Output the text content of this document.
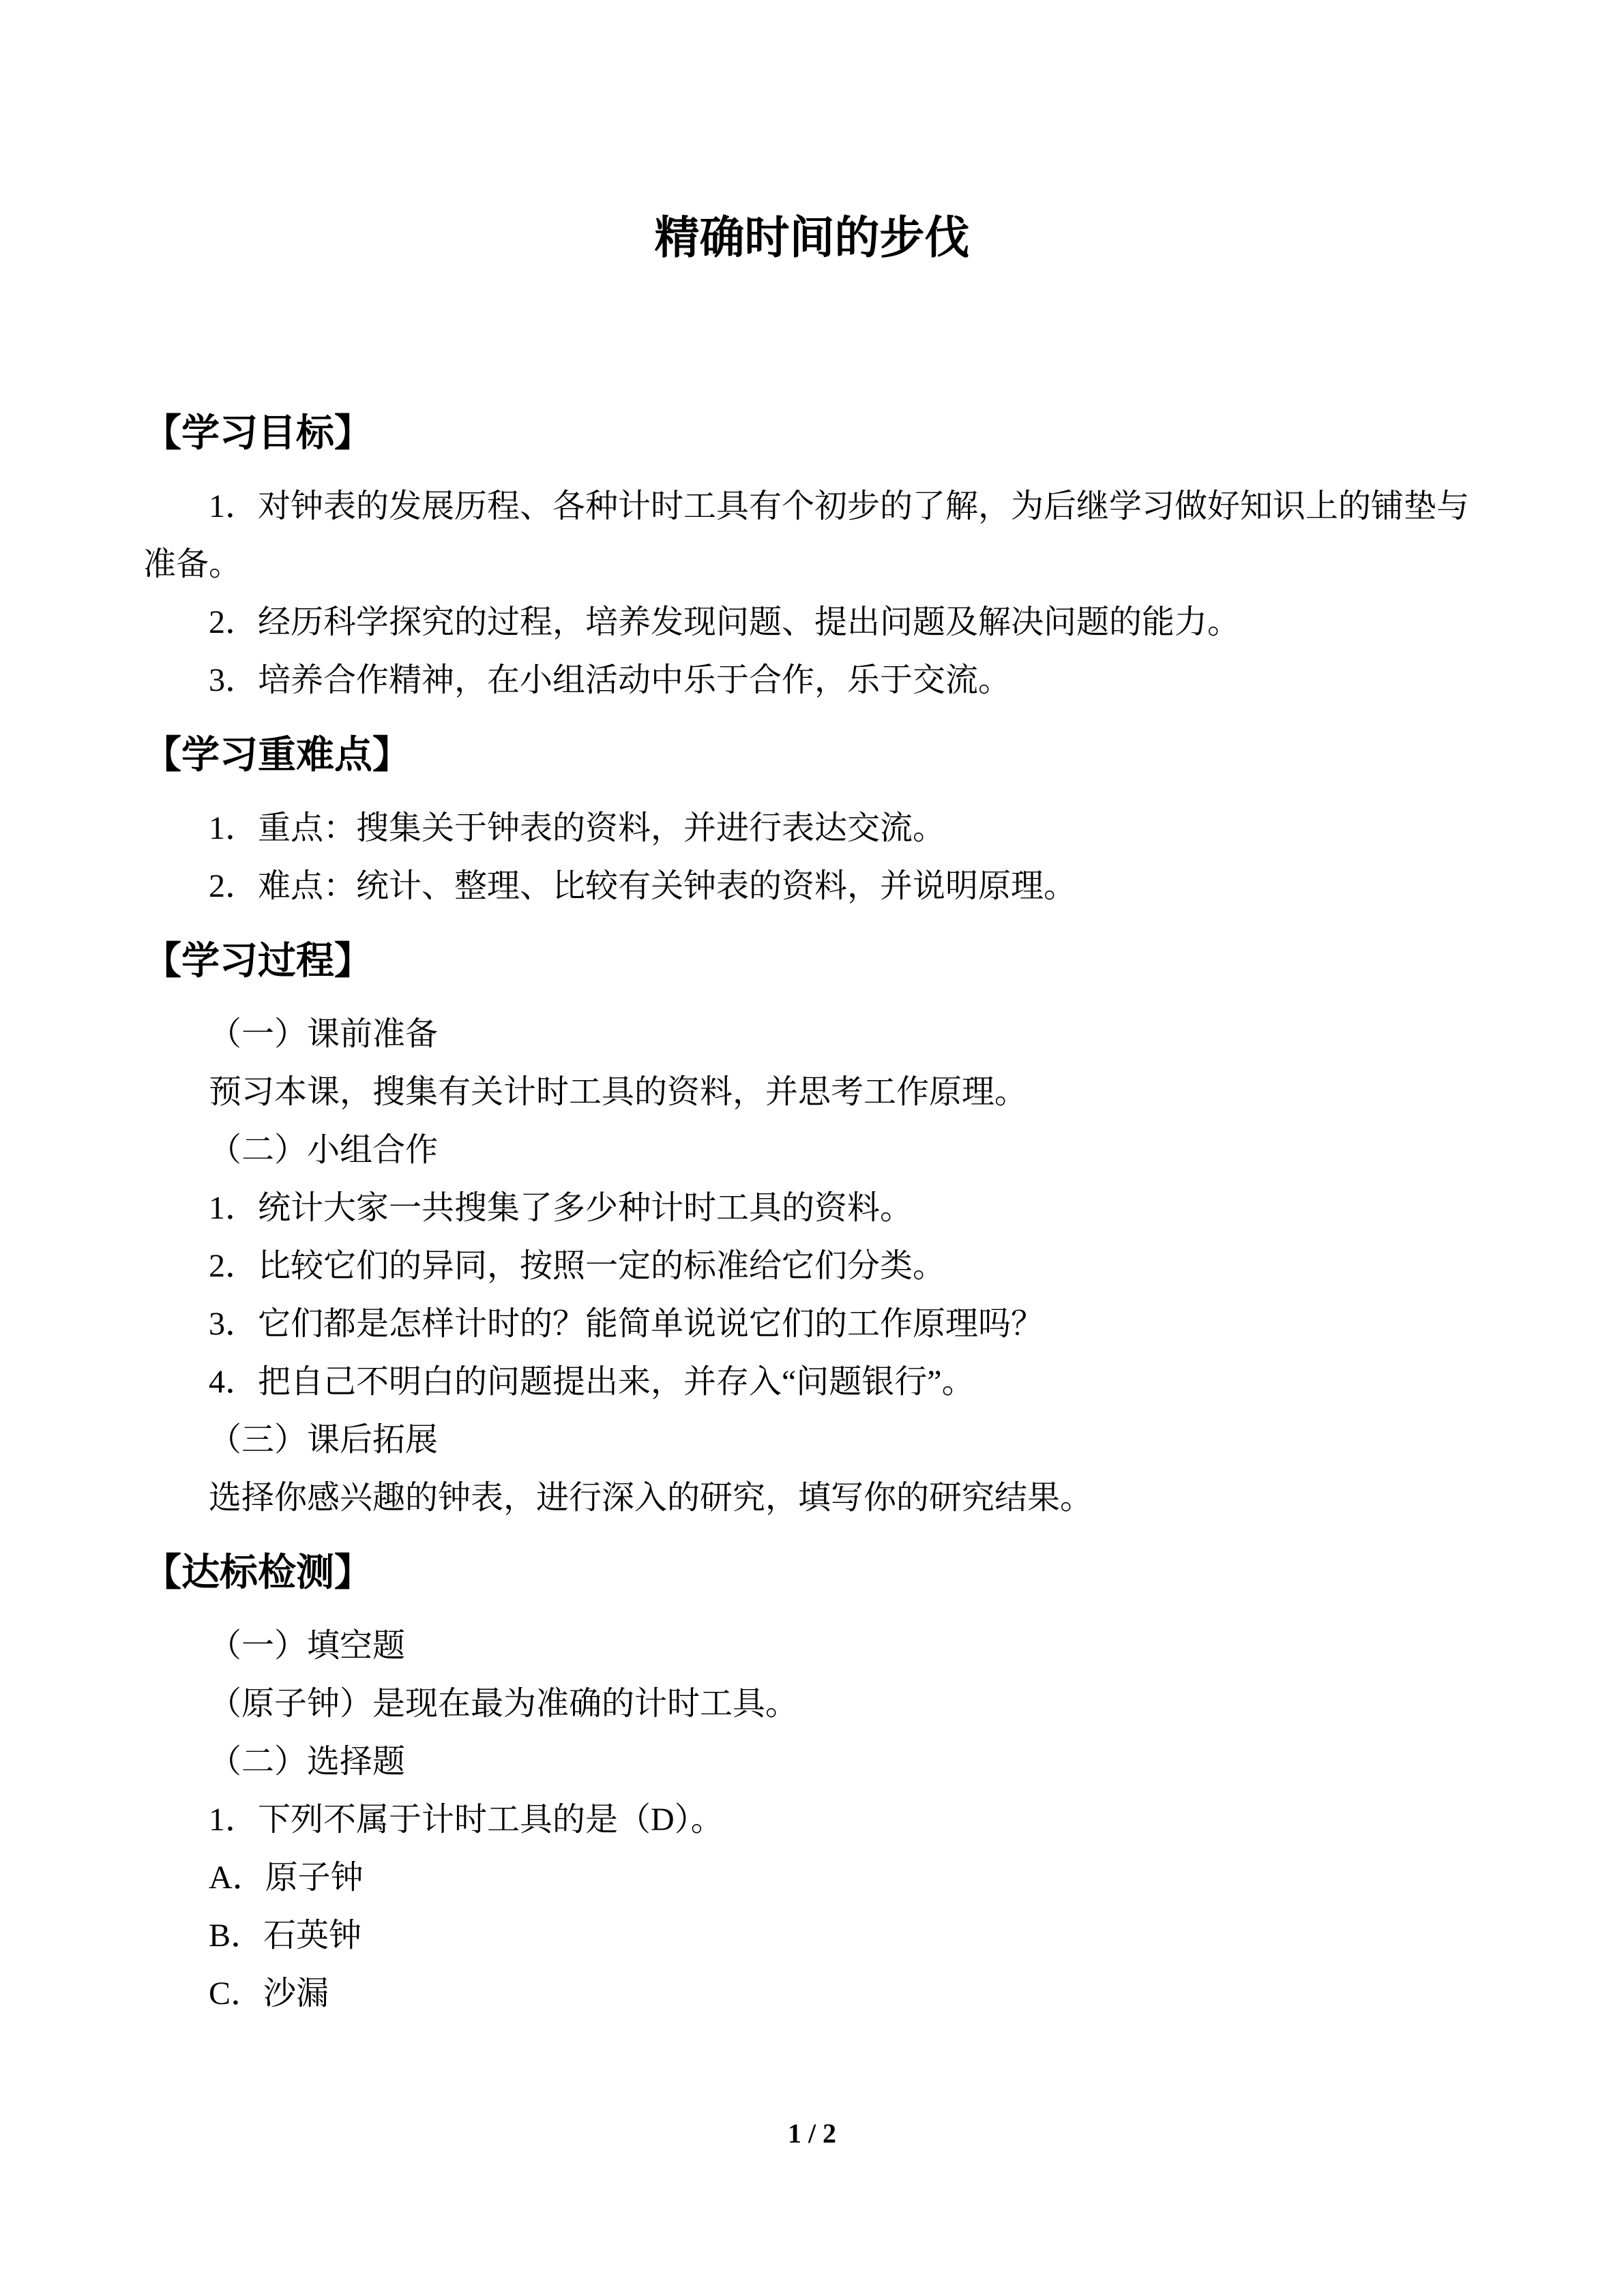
精确时间的步伐
【学习目标】
1．对钟表的发展历程、各种计时工具有个初步的了解，为后继学习做好知识上的铺垫与
准备。
2．经历科学探究的过程，培养发现问题、提出问题及解决问题的能力。
3．培养合作精神，在小组活动中乐于合作，乐于交流。
【学习重难点】
1．重点：搜集关于钟表的资料，并进行表达交流。
2．难点：统计、整理、比较有关钟表的资料，并说明原理。
【学习过程】
（一）课前准备
预习本课，搜集有关计时工具的资料，并思考工作原理。
（二）小组合作
1．统计大家一共搜集了多少种计时工具的资料。
2．比较它们的异同，按照一定的标准给它们分类。
3．它们都是怎样计时的？能简单说说它们的工作原理吗？
4．把自己不明白的问题提出来，并存入“问题银行”。
（三）课后拓展
选择你感兴趣的钟表，进行深入的研究，填写你的研究结果。
【达标检测】
（一）填空题
（原子钟）是现在最为准确的计时工具。
（二）选择题
1．下列不属于计时工具的是（D）。
A．原子钟
B．石英钟
C．沙漏
1 / 2
